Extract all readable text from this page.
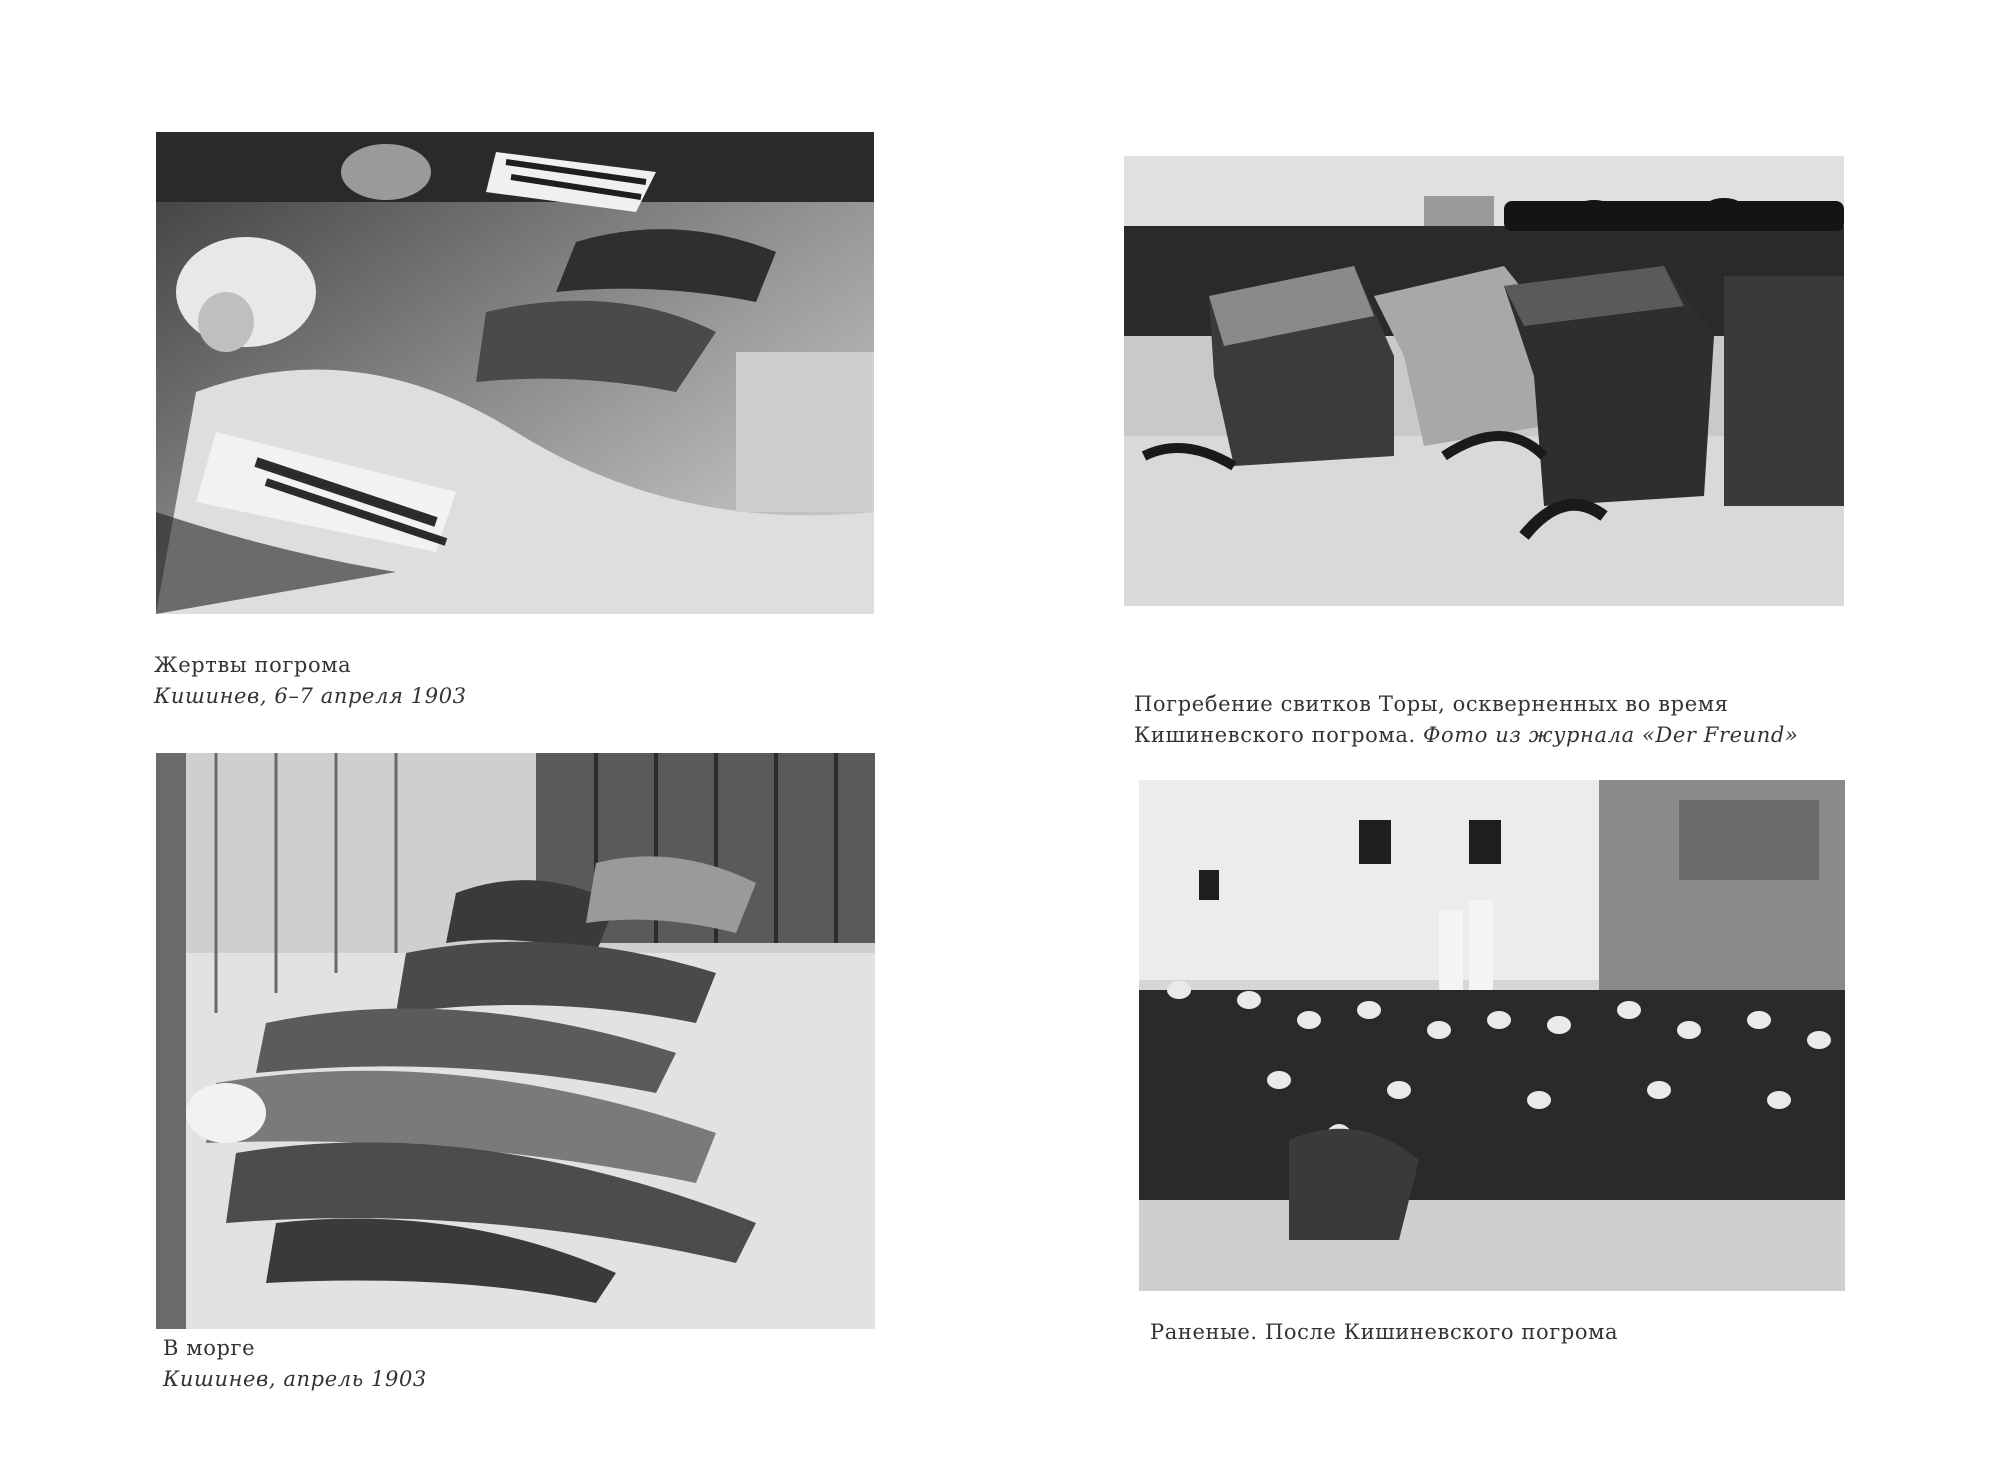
Жертвы погрома
Кишинев, 6–7 апреля 1903	Погребение свитков Торы, оскверненных во время
Кишиневского погрома. Фото из журнала «Der Freund»
В морге
Кишинев, апрель 1903
Раненые. После Кишиневского погрома
